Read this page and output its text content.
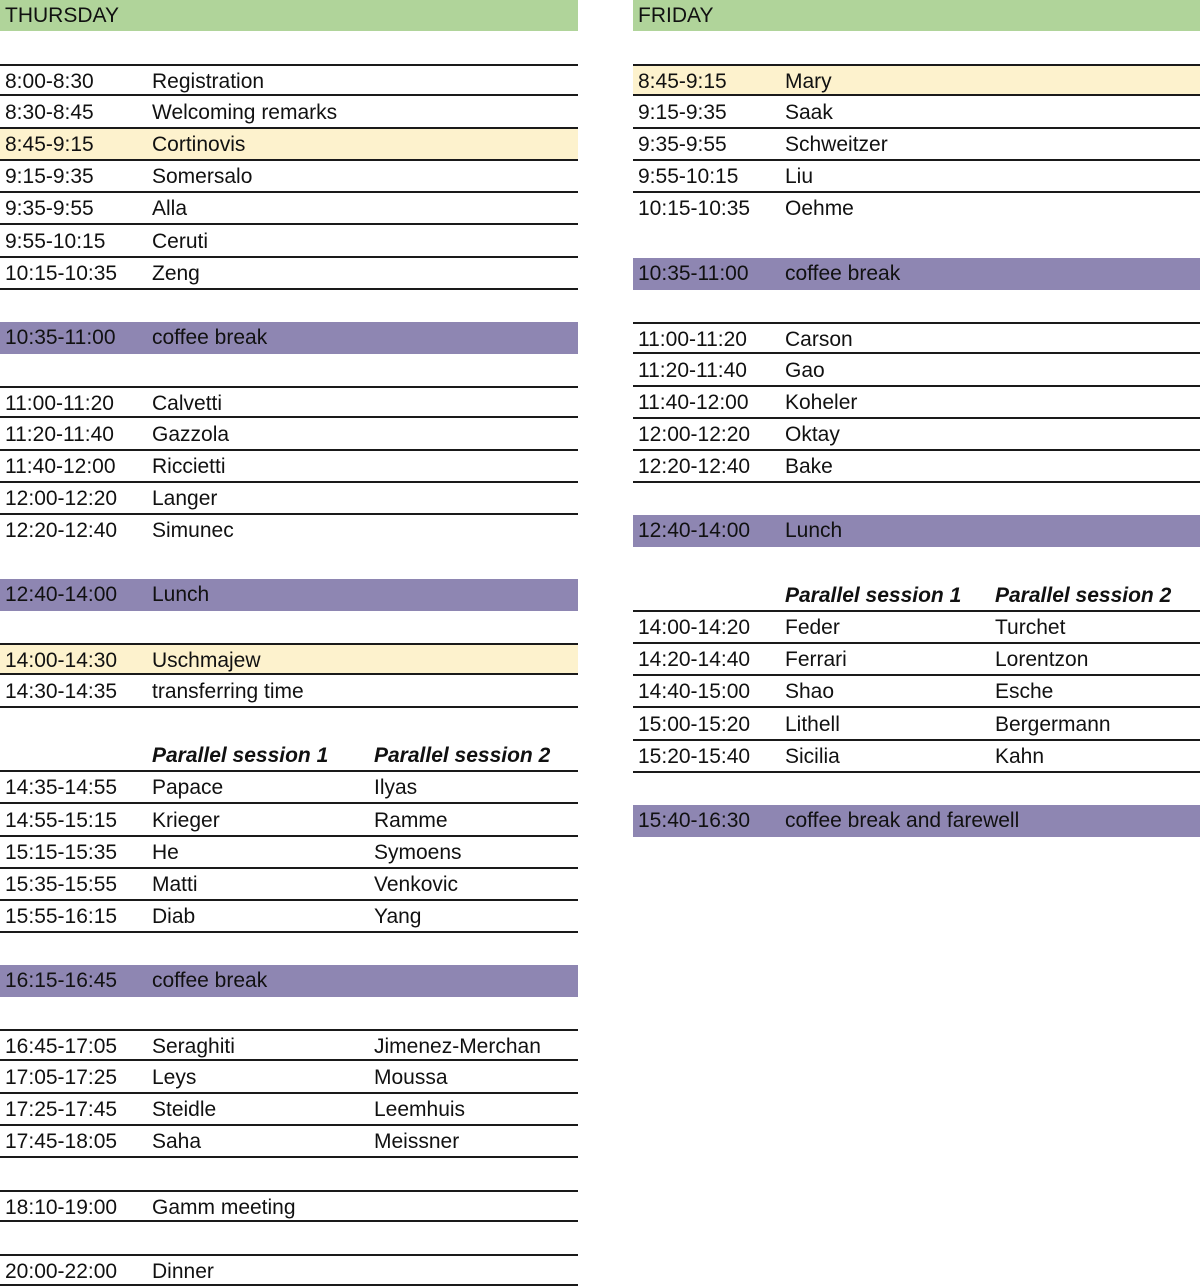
THURSDAY
8:00-8:30	Registration
8:30-8:45	Welcoming remarks
8:45-9:15	Cortinovis
9:15-9:35	Somersalo
9:35-9:55	Alla
9:55-10:15 Ceruti
10:15-10:35 Zeng
10:35-11:00 coffee break
11:00-11:20 Calvetti
11:20-11:40 Gazzola
11:40-12:00 Riccietti
12:00-12:20 Langer
12:20-12:40 Simunec
12:40-14:00 Lunch
14:00-14:30 Uschmajew
14:30-14:35 transferring time
Parallel session 1 Parallel session 2
14:35-14:55 Papace	Ilyas
14:55-15:15 Krieger	Ramme
15:15-15:35 He	Symoens
15:35-15:55 Matti	Venkovic
15:55-16:15 Diab	Yang
16:15-16:45 coffee break
16:45-17:05 Seraghiti	Jimenez-Merchan
17:05-17:25 Leys	Moussa
17:25-17:45 Steidle	Leemhuis
17:45-18:05 Saha	Meissner
18:10-19:00 Gamm meeting
20:00-22:00 Dinner
FRIDAY
8:45-9:15	Mary
9:15-9:35	Saak
9:35-9:55	Schweitzer
9:55-10:15 Liu
10:15-10:35 Oehme
10:35-11:00 coffee break
11:00-11:20 Carson
11:20-11:40 Gao
11:40-12:00 Koheler
12:00-12:20 Oktay
12:20-12:40 Bake
12:40-14:00 Lunch
Parallel session 1 Parallel session 2
14:00-14:20 Feder	Turchet
14:20-14:40 Ferrari	Lorentzon
14:40-15:00 Shao	Esche
15:00-15:20 Lithell	Bergermann
15:20-15:40 Sicilia	Kahn
15:40-16:30 coffee break and farewell
